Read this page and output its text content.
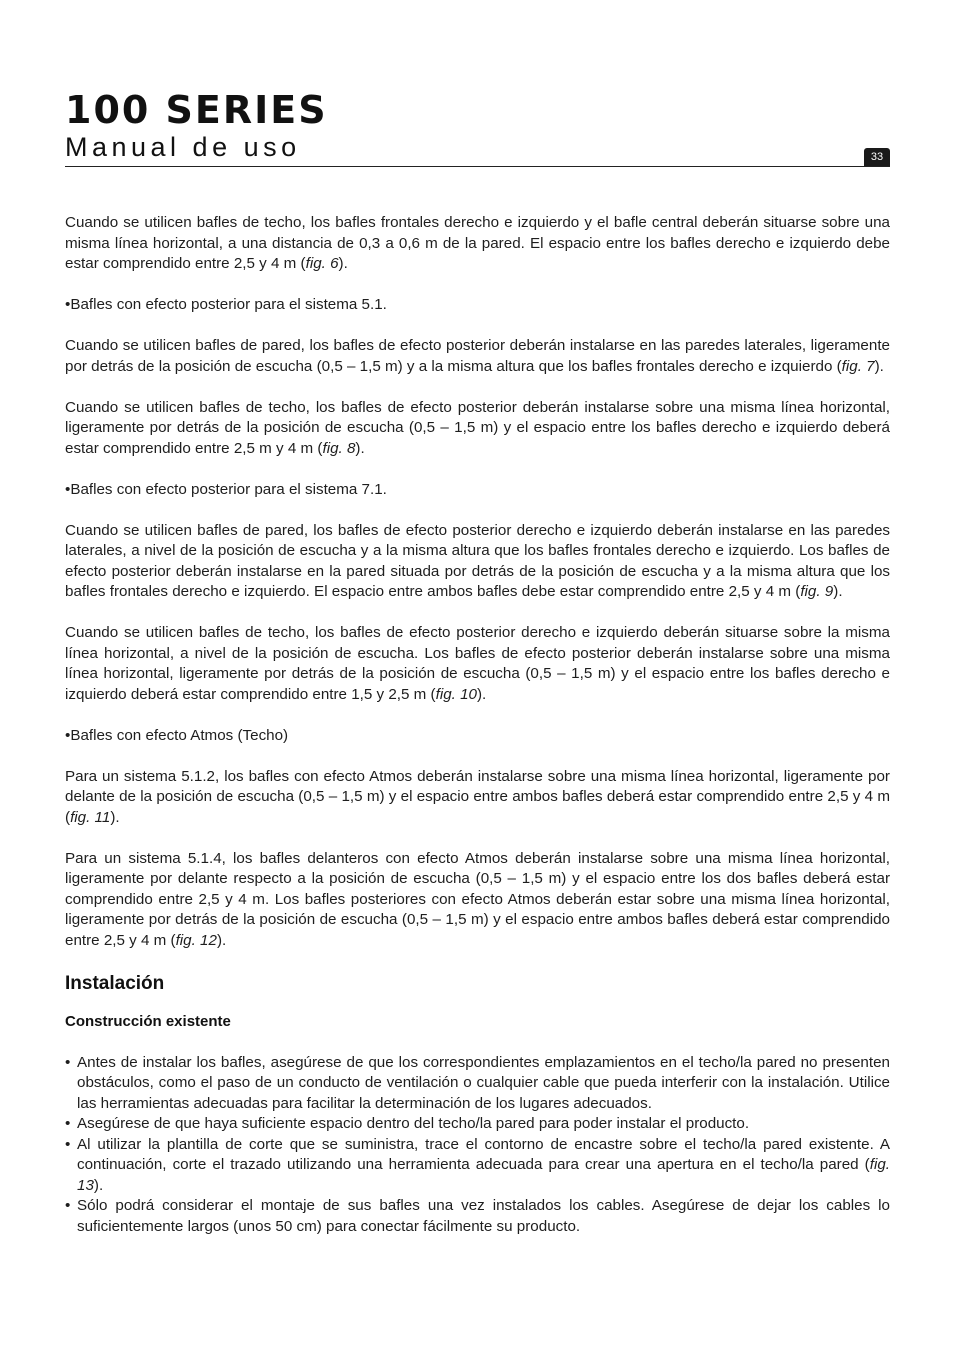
100 SERIES
Manual de uso	33

Cuando se utilicen bafles de techo, los bafles frontales derecho e izquierdo y el bafle central deberán situarse sobre una misma línea horizontal, a una distancia de 0,3 a 0,6 m de la pared. El espacio entre los bafles derecho e izquierdo debe estar comprendido entre 2,5 y 4 m (fig. 6).

•Bafles con efecto posterior para el sistema 5.1.

Cuando se utilicen bafles de pared, los bafles de efecto posterior deberán instalarse en las paredes laterales, ligeramente por detrás de la posición de escucha (0,5 – 1,5 m) y a la misma altura que los bafles frontales derecho e izquierdo (fig. 7).

Cuando se utilicen bafles de techo, los bafles de efecto posterior deberán instalarse sobre una misma línea horizontal, ligeramente por detrás de la posición de escucha (0,5 – 1,5 m) y el espacio entre los bafles derecho e izquierdo deberá estar comprendido entre 2,5 m y 4 m (fig. 8).

•Bafles con efecto posterior para el sistema 7.1.

Cuando se utilicen bafles de pared, los bafles de efecto posterior derecho e izquierdo deberán instalarse en las paredes laterales, a nivel de la posición de escucha y a la misma altura que los bafles frontales derecho e izquierdo. Los bafles de efecto posterior deberán instalarse en la pared situada por detrás de la posición de escucha y a la misma altura que los bafles frontales derecho e izquierdo. El espacio entre ambos bafles debe estar comprendido entre 2,5 y 4 m (fig. 9).

Cuando se utilicen bafles de techo, los bafles de efecto posterior derecho e izquierdo deberán situarse sobre la misma línea horizontal, a nivel de la posición de escucha. Los bafles de efecto posterior deberán instalarse sobre una misma línea horizontal, ligeramente por detrás de la posición de escucha (0,5 – 1,5 m) y el espacio entre los bafles derecho e izquierdo deberá estar comprendido entre 1,5 y 2,5 m (fig. 10).

•Bafles con efecto Atmos (Techo)

Para un sistema 5.1.2, los bafles con efecto Atmos deberán instalarse sobre una misma línea horizontal, ligeramente por delante de la posición de escucha (0,5 – 1,5 m) y el espacio entre ambos bafles deberá estar comprendido entre 2,5 y 4 m (fig. 11).

Para un sistema 5.1.4, los bafles delanteros con efecto Atmos deberán instalarse sobre una misma línea horizontal, ligeramente por delante respecto a la posición de escucha (0,5 – 1,5 m) y el espacio entre los dos bafles deberá estar comprendido entre 2,5 y 4 m. Los bafles posteriores con efecto Atmos deberán estar sobre una misma línea horizontal, ligeramente por detrás de la posición de escucha (0,5 – 1,5 m) y el espacio entre ambos bafles deberá estar comprendido entre 2,5 y 4 m (fig. 12).

Instalación
Construcción existente
• Antes de instalar los bafles, asegúrese de que los correspondientes emplazamientos en el techo/la pared no presenten obstáculos, como el paso de un conducto de ventilación o cualquier cable que pueda interferir con la instalación. Utilice las herramientas adecuadas para facilitar la determinación de los lugares adecuados.
• Asegúrese de que haya suficiente espacio dentro del techo/la pared para poder instalar el producto.
• Al utilizar la plantilla de corte que se suministra, trace el contorno de encastre sobre el techo/la pared existente. A continuación, corte el trazado utilizando una herramienta adecuada para crear una apertura en el techo/la pared (fig. 13).
• Sólo podrá considerar el montaje de sus bafles una vez instalados los cables. Asegúrese de dejar los cables lo suficientemente largos (unos 50 cm) para conectar fácilmente su producto.
